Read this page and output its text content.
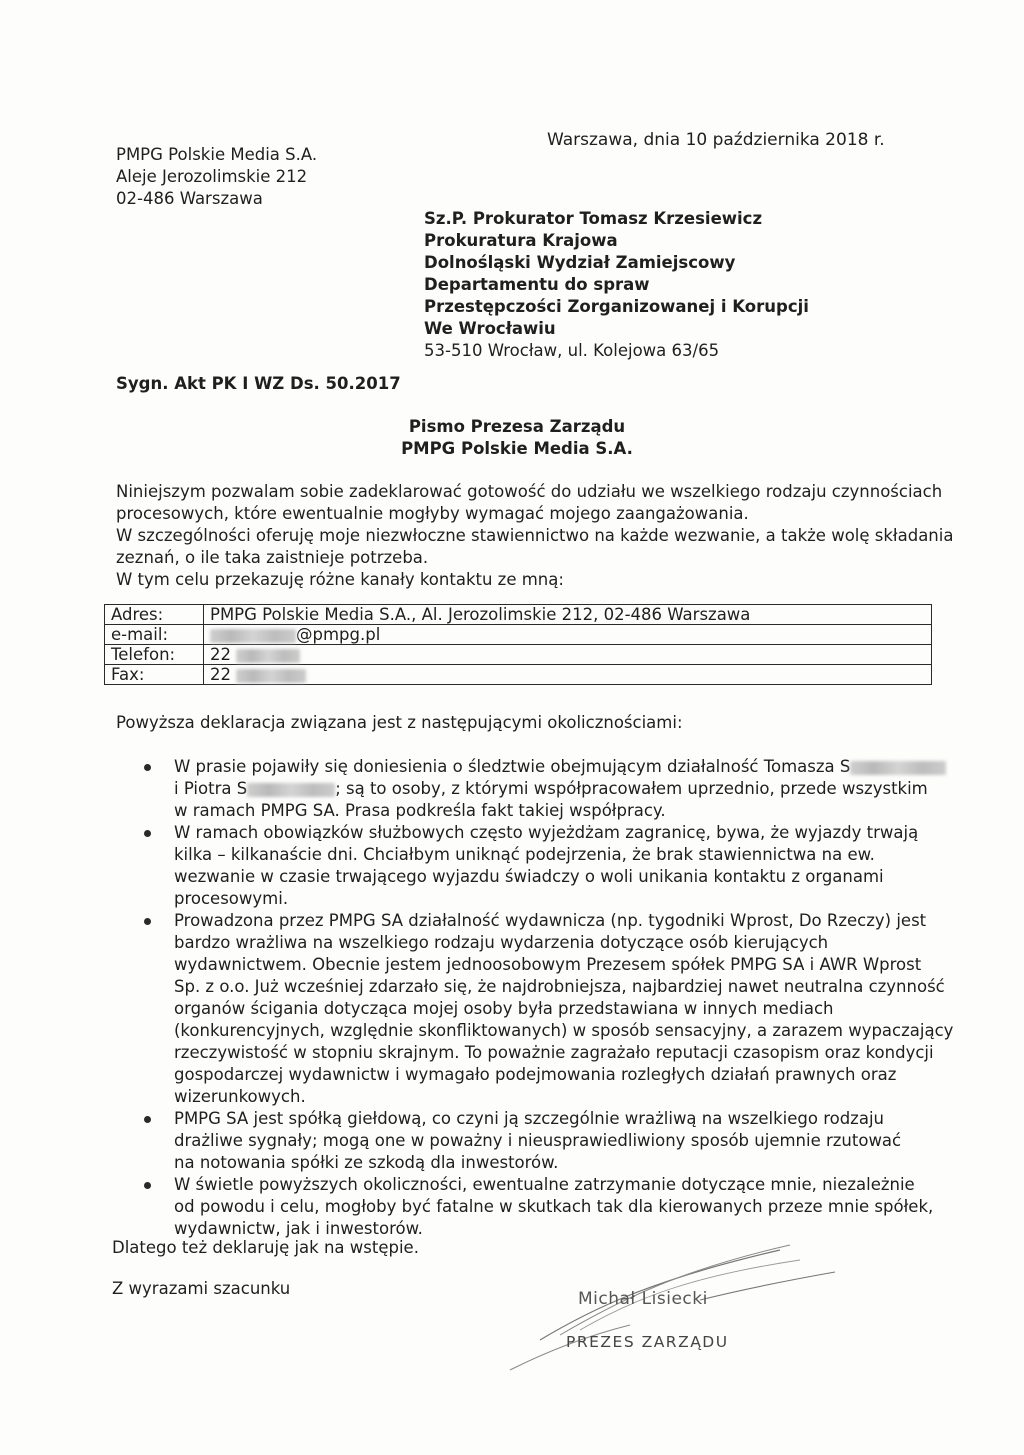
PMPG Polskie Media S.A.
Aleje Jerozolimskie 212
02-486 Warszawa
Warszawa, dnia 10 października 2018 r.
Sz.P. Prokurator Tomasz Krzesiewicz
Prokuratura Krajowa
Dolnośląski Wydział Zamiejscowy
Departamentu do spraw
Przestępczości Zorganizowanej i Korupcji
We Wrocławiu
53-510 Wrocław, ul. Kolejowa 63/65
Sygn. Akt PK I WZ Ds. 50.2017
Pismo Prezesa Zarządu
PMPG Polskie Media S.A.
Niniejszym pozwalam sobie zadeklarować gotowość do udziału we wszelkiego rodzaju czynnościach
procesowych, które ewentualnie mogłyby wymagać mojego zaangażowania.
W szczególności oferuję moje niezwłoczne stawiennictwo na każde wezwanie, a także wolę składania
zeznań, o ile taka zaistnieje potrzeba.
W tym celu przekazuję różne kanały kontaktu ze mną:
Adres:	PMPG Polskie Media S.A., Al. Jerozolimskie 212, 02-486 Warszawa
e-mail:	@pmpg.pl
Telefon:	22
Fax:	22
Powyższa deklaracja związana jest z następującymi okolicznościami:
W prasie pojawiły się doniesienia o śledztwie obejmującym działalność Tomasza S
i Piotra S	; są to osoby, z którymi współpracowałem uprzednio, przede wszystkim
w ramach PMPG SA. Prasa podkreśla fakt takiej współpracy.
W ramach obowiązków służbowych często wyjeżdżam zagranicę, bywa, że wyjazdy trwają
kilka – kilkanaście dni. Chciałbym uniknąć podejrzenia, że brak stawiennictwa na ew.
wezwanie w czasie trwającego wyjazdu świadczy o woli unikania kontaktu z organami
procesowymi.
Prowadzona przez PMPG SA działalność wydawnicza (np. tygodniki Wprost, Do Rzeczy) jest
bardzo wrażliwa na wszelkiego rodzaju wydarzenia dotyczące osób kierujących
wydawnictwem. Obecnie jestem jednoosobowym Prezesem spółek PMPG SA i AWR Wprost
Sp. z o.o. Już wcześniej zdarzało się, że najdrobniejsza, najbardziej nawet neutralna czynność
organów ścigania dotycząca mojej osoby była przedstawiana w innych mediach
(konkurencyjnych, względnie skonfliktowanych) w sposób sensacyjny, a zarazem wypaczający
rzeczywistość w stopniu skrajnym. To poważnie zagrażało reputacji czasopism oraz kondycji
gospodarczej wydawnictw i wymagało podejmowania rozległych działań prawnych oraz
wizerunkowych.
PMPG SA jest spółką giełdową, co czyni ją szczególnie wrażliwą na wszelkiego rodzaju
drażliwe sygnały; mogą one w poważny i nieusprawiedliwiony sposób ujemnie rzutować
na notowania spółki ze szkodą dla inwestorów.
W świetle powyższych okoliczności, ewentualne zatrzymanie dotyczące mnie, niezależnie
od powodu i celu, mogłoby być fatalne w skutkach tak dla kierowanych przeze mnie spółek,
wydawnictw, jak i inwestorów.
Dlatego też deklaruję jak na wstępie.
Z wyrazami szacunku
Michał Lisiecki
PREZES ZARZĄDU
